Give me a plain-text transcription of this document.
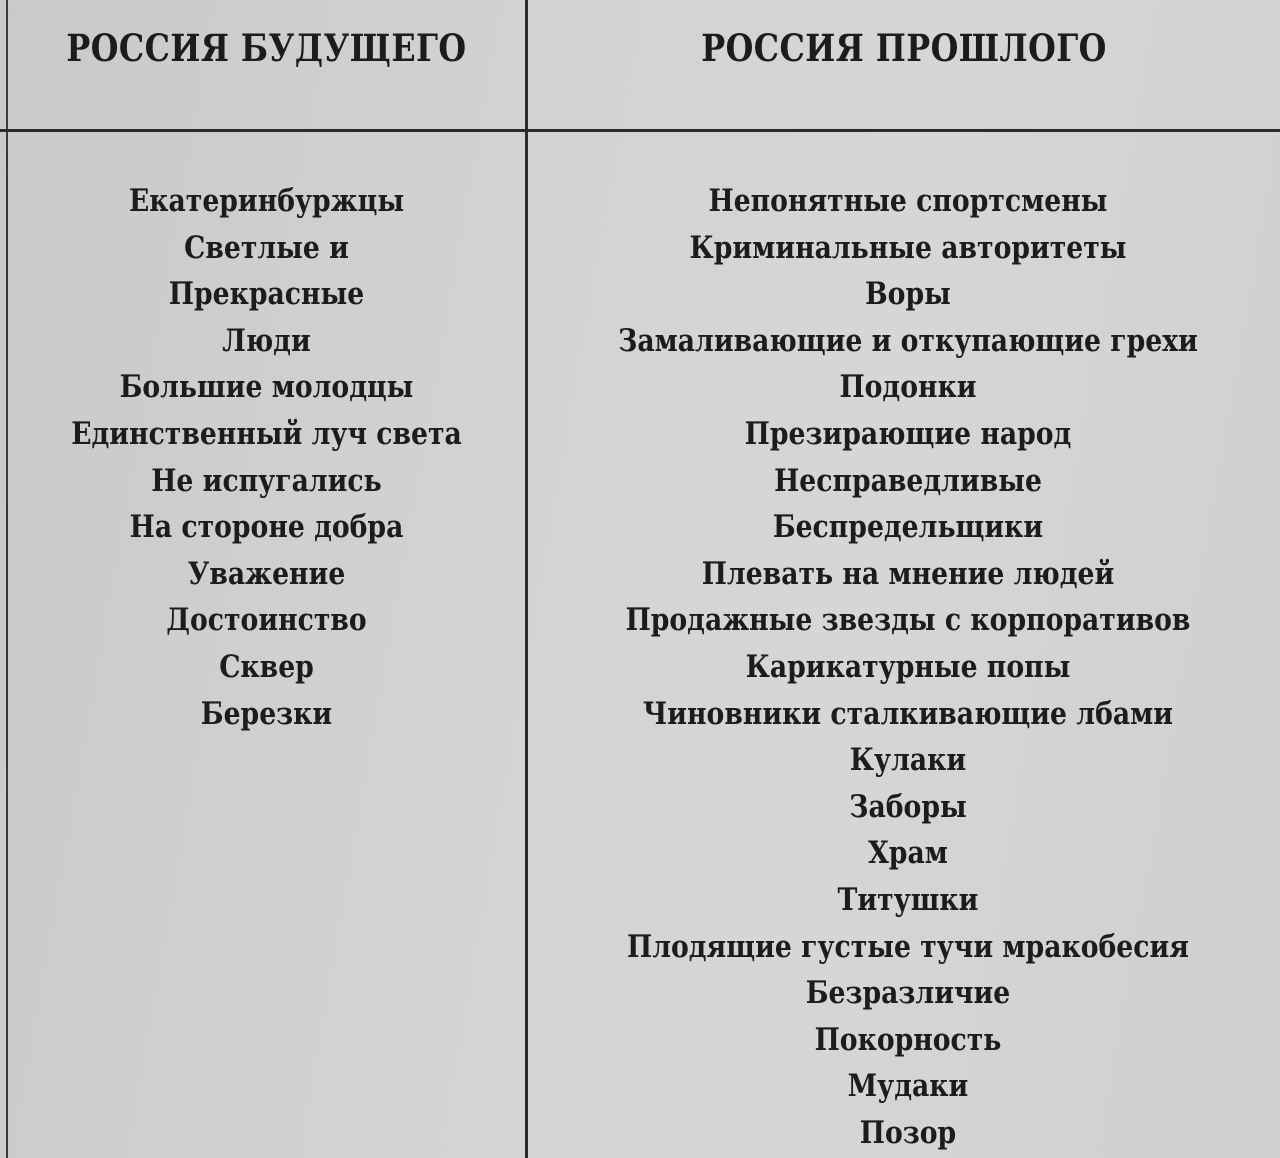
РОССИЯ БУДУЩЕГО	РОССИЯ ПРОШЛОГО
Екатеринбуржцы
Светлые и
Прекрасные
Люди
Большие молодцы
Единственный луч света
Не испугались
На стороне добра
Уважение
Достоинство
Сквер
Березки
Непонятные спортсмены
Криминальные авторитеты
Воры
Замаливающие и откупающие грехи
Подонки
Презирающие народ
Несправедливые
Беспредельщики
Плевать на мнение людей
Продажные звезды с корпоративов
Карикатурные попы
Чиновники сталкивающие лбами
Кулаки
Заборы
Храм
Титушки
Плодящие густые тучи мракобесия
Безразличие
Покорность
Мудаки
Позор
